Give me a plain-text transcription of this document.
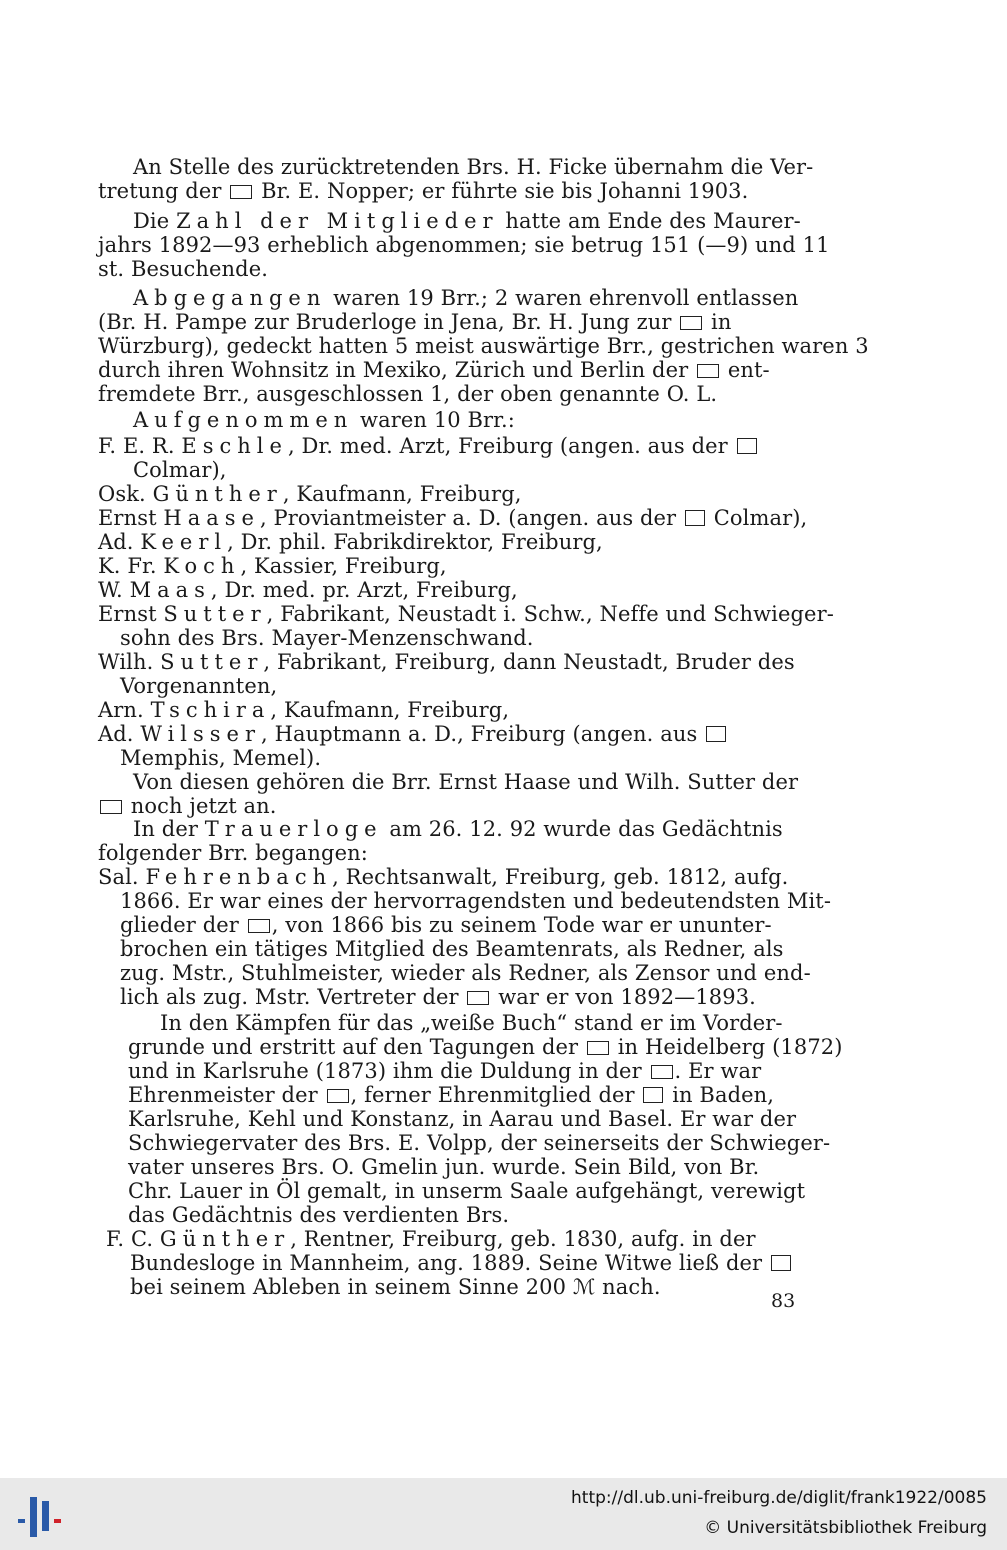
An Stelle des zurücktretenden Brs. H. Ficke übernahm die Ver-
tretung der  Br. E. Nopper; er führte sie bis Johanni 1903.
Die Zahl der Mitglieder hatte am Ende des Maurer-
jahrs 1892—93 erheblich abgenommen; sie betrug 151 (—9) und 11
st. Besuchende.
Abgegangen waren 19 Brr.; 2 waren ehrenvoll entlassen
(Br. H. Pampe zur Bruderloge in Jena, Br. H. Jung zur  in
Würzburg), gedeckt hatten 5 meist auswärtige Brr., gestrichen waren 3
durch ihren Wohnsitz in Mexiko, Zürich und Berlin der  ent-
fremdete Brr., ausgeschlossen 1, der oben genannte O. L.
Aufgenommen waren 10 Brr.:
F. E. R. Eschle, Dr. med. Arzt, Freiburg (angen. aus der
Colmar),
Osk. Günther, Kaufmann, Freiburg,
Ernst Haase, Proviantmeister a. D. (angen. aus der  Colmar),
Ad. Keerl, Dr. phil. Fabrikdirektor, Freiburg,
K. Fr. Koch, Kassier, Freiburg,
W. Maas, Dr. med. pr. Arzt, Freiburg,
Ernst Sutter, Fabrikant, Neustadt i. Schw., Neffe und Schwieger-
sohn des Brs. Mayer-Menzenschwand.
Wilh. Sutter, Fabrikant, Freiburg, dann Neustadt, Bruder des
Vorgenannten,
Arn. Tschira, Kaufmann, Freiburg,
Ad. Wilsser, Hauptmann a. D., Freiburg (angen. aus
Memphis, Memel).
Von diesen gehören die Brr. Ernst Haase und Wilh. Sutter der
noch jetzt an.
In der Trauerloge am 26. 12. 92 wurde das Gedächtnis
folgender Brr. begangen:
Sal. Fehrenbach, Rechtsanwalt, Freiburg, geb. 1812, aufg.
1866. Er war eines der hervorragendsten und bedeutendsten Mit-
glieder der , von 1866 bis zu seinem Tode war er ununter-
brochen ein tätiges Mitglied des Beamtenrats, als Redner, als
zug. Mstr., Stuhlmeister, wieder als Redner, als Zensor und end-
lich als zug. Mstr. Vertreter der  war er von 1892—1893.
In den Kämpfen für das „weiße Buch“ stand er im Vorder-
grunde und erstritt auf den Tagungen der  in Heidelberg (1872)
und in Karlsruhe (1873) ihm die Duldung in der . Er war
Ehrenmeister der , ferner Ehrenmitglied der  in Baden,
Karlsruhe, Kehl und Konstanz, in Aarau und Basel. Er war der
Schwiegervater des Brs. E. Volpp, der seinerseits der Schwieger-
vater unseres Brs. O. Gmelin jun. wurde. Sein Bild, von Br.
Chr. Lauer in Öl gemalt, in unserm Saale aufgehängt, verewigt
das Gedächtnis des verdienten Brs.
F. C. Günther, Rentner, Freiburg, geb. 1830, aufg. in der
Bundesloge in Mannheim, ang. 1889. Seine Witwe ließ der
bei seinem Ableben in seinem Sinne 200 ℳ nach.
83
http://dl.ub.uni-freiburg.de/diglit/frank1922/0085
© Universitätsbibliothek Freiburg
